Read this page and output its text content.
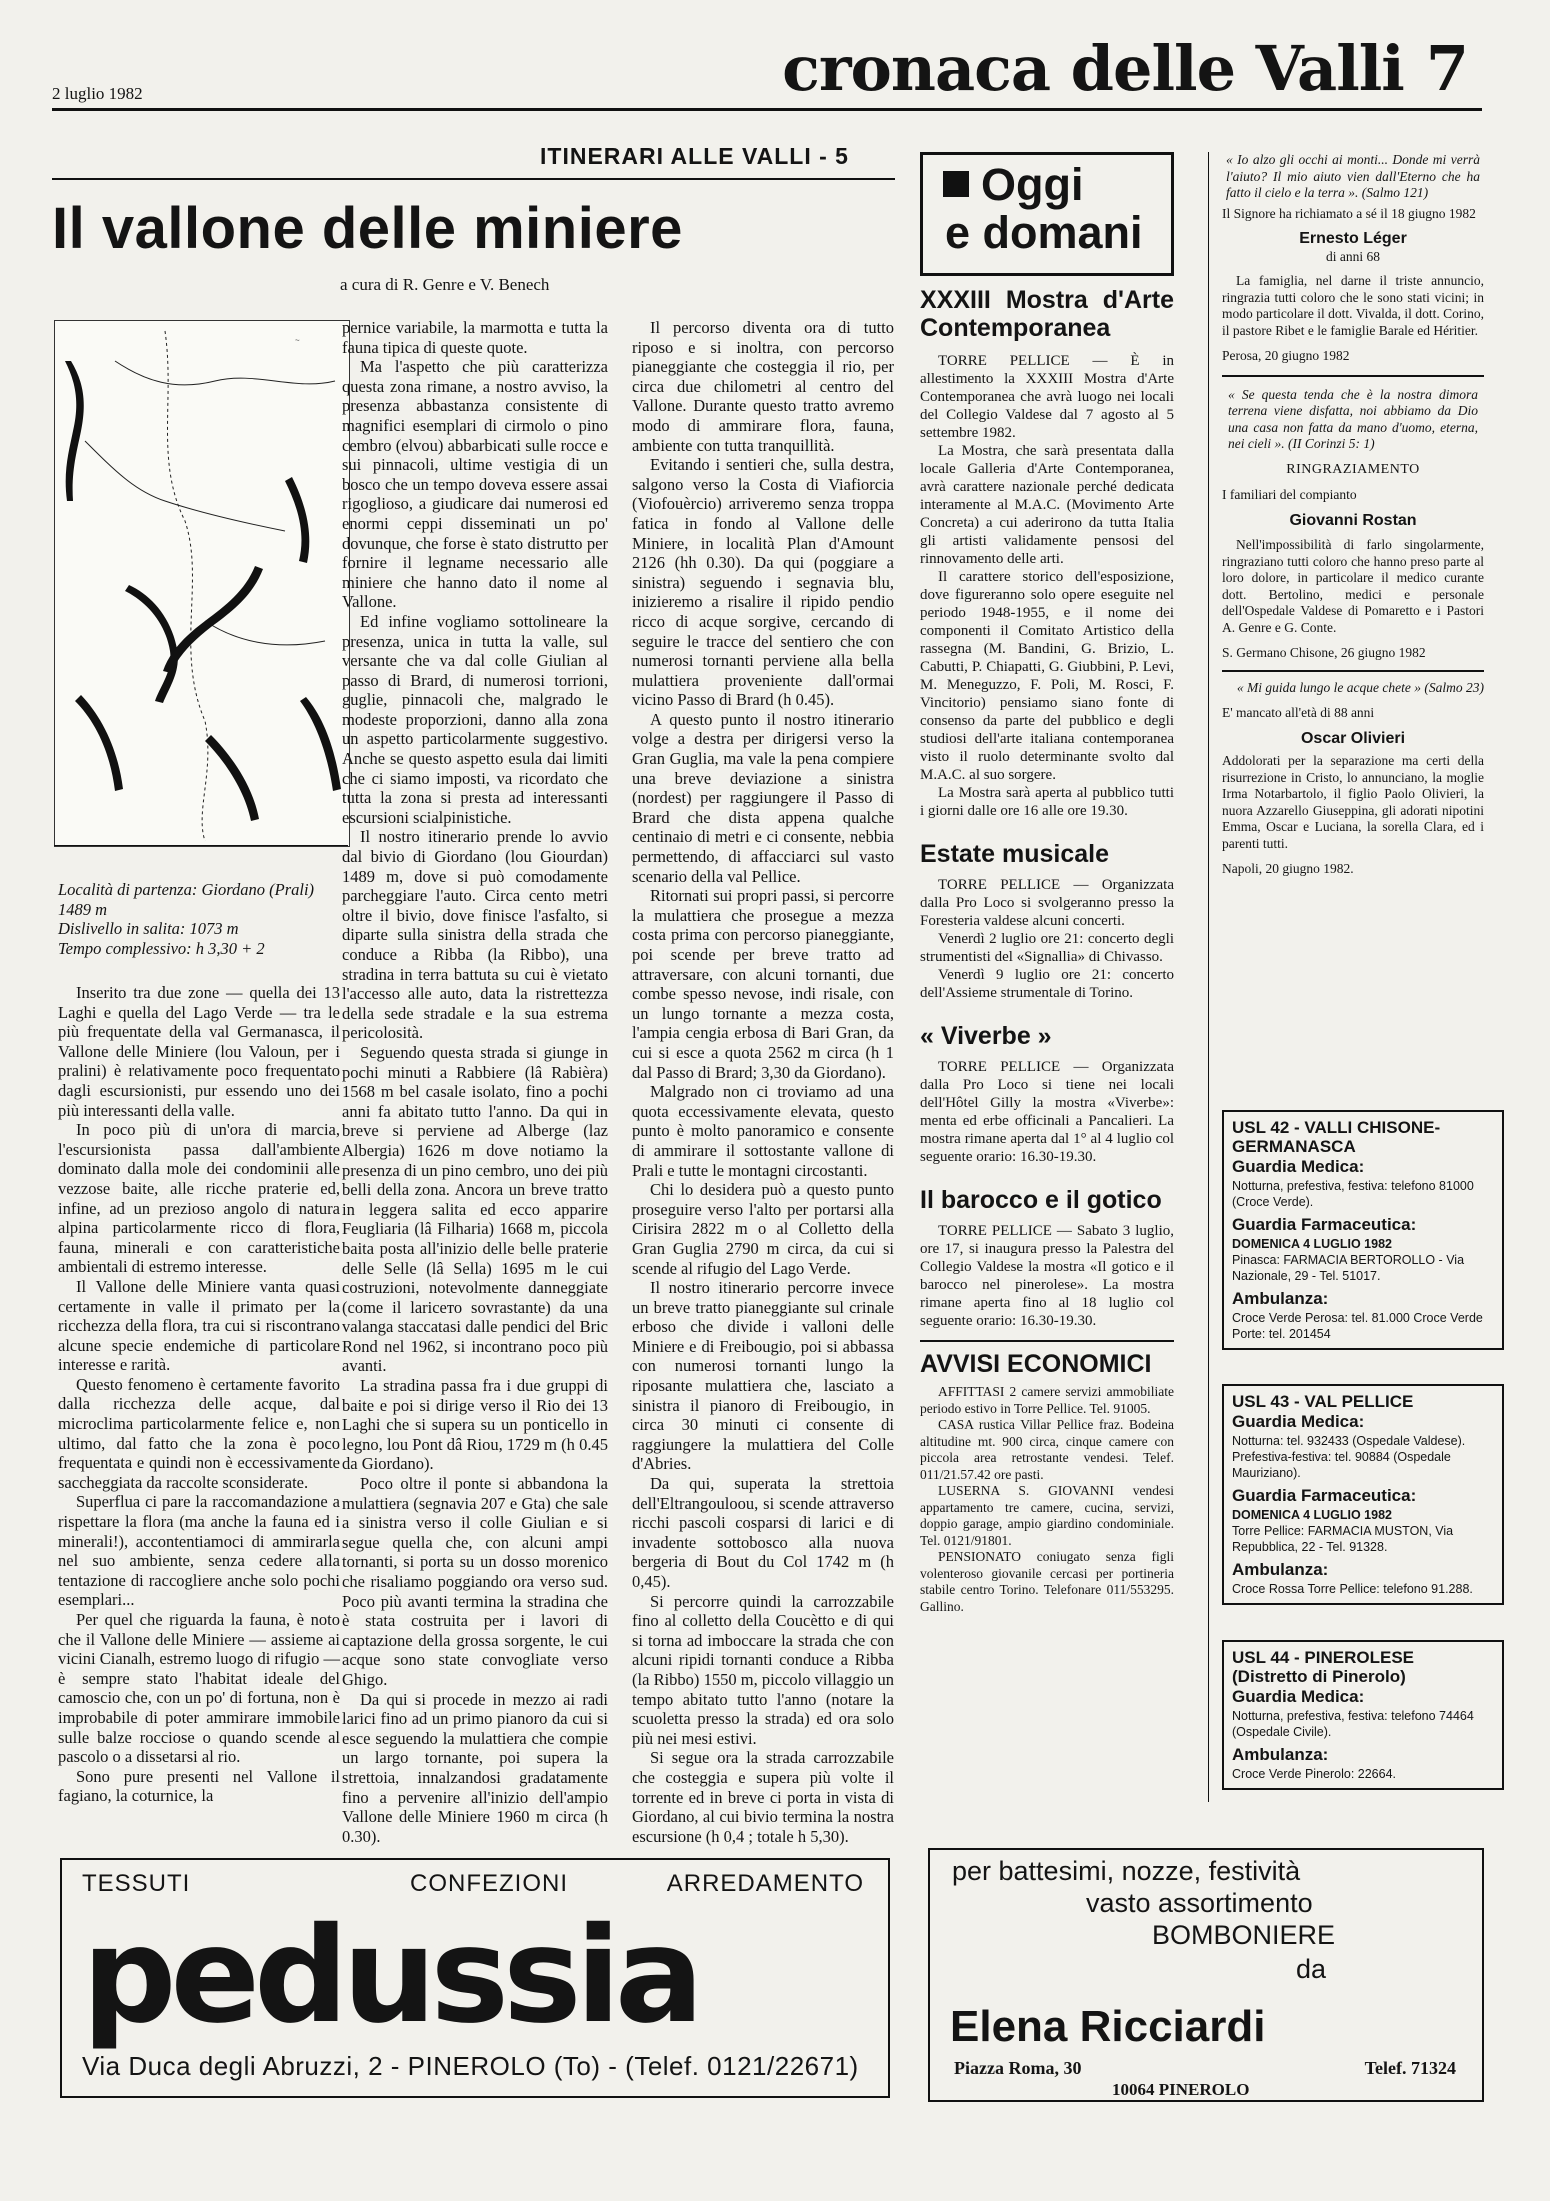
2 luglio 1982	cronaca delle Valli 7
ITINERARI ALLE VALLI - 5
Il vallone delle miniere
a cura di R. Genre e V. Benech
~
Località di partenza: Giordano (Prali) 1489 m
Dislivello in salita: 1073 m
Tempo complessivo: h 3,30 + 2

Inserito tra due zone — quella dei 13 Laghi e quella del Lago Verde — tra le più frequentate della val Germanasca, il Vallone delle Miniere (lou Valoun, per i pralini) è relativamente poco frequentato dagli escursionisti, pur essendo uno dei più interessanti della valle.

In poco più di un'ora di marcia, l'escursionista passa dall'ambiente dominato dalla mole dei condominii alle vezzose baite, alle ricche praterie ed, infine, ad un prezioso angolo di natura alpina particolarmente ricco di flora, fauna, minerali e con caratteristiche ambientali di estremo interesse.

Il Vallone delle Miniere vanta quasi certamente in valle il primato per la ricchezza della flora, tra cui si riscontrano alcune specie endemiche di particolare interesse e rarità.

Questo fenomeno è certamente favorito dalla ricchezza delle acque, dal microclima particolarmente felice e, non ultimo, dal fatto che la zona è poco frequentata e quindi non è eccessivamente saccheggiata da raccolte sconsiderate.

Superflua ci pare la raccomandazione a rispettare la flora (ma anche la fauna ed i minerali!), accontentiamoci di ammirarla nel suo ambiente, senza cedere alla tentazione di raccogliere anche solo pochi esemplari...

Per quel che riguarda la fauna, è noto che il Vallone delle Miniere — assieme ai vicini Cianalh, estremo luogo di rifugio — è sempre stato l'habitat ideale del camoscio che, con un po' di fortuna, non è improbabile di poter ammirare immobile sulle balze rocciose o quando scende al pascolo o a dissetarsi al rio.

Sono pure presenti nel Vallone il fagiano, la coturnice, la

pernice variabile, la marmotta e tutta la fauna tipica di queste quote.

Ma l'aspetto che più caratterizza questa zona rimane, a nostro avviso, la presenza abbastanza consistente di magnifici esemplari di cirmolo o pino cembro (elvou) abbarbicati sulle rocce e sui pinnacoli, ultime vestigia di un bosco che un tempo doveva essere assai rigoglioso, a giudicare dai numerosi ed enormi ceppi disseminati un po' dovunque, che forse è stato distrutto per fornire il legname necessario alle miniere che hanno dato il nome al Vallone.

Ed infine vogliamo sottolineare la presenza, unica in tutta la valle, sul versante che va dal colle Giulian al passo di Brard, di numerosi torrioni, guglie, pinnacoli che, malgrado le modeste proporzioni, danno alla zona un aspetto particolarmente suggestivo. Anche se questo aspetto esula dai limiti che ci siamo imposti, va ricordato che tutta la zona si presta ad interessanti escursioni scialpinistiche.

Il nostro itinerario prende lo avvio dal bivio di Giordano (lou Giourdan) 1489 m, dove si può comodamente parcheggiare l'auto. Circa cento metri oltre il bivio, dove finisce l'asfalto, si diparte sulla sinistra della strada che conduce a Ribba (la Ribbo), una stradina in terra battuta su cui è vietato l'accesso alle auto, data la ristrettezza della sede stradale e la sua estrema pericolosità.

Seguendo questa strada si giunge in pochi minuti a Rabbiere (lâ Rabièra) 1568 m bel casale isolato, fino a pochi anni fa abitato tutto l'anno. Da qui in breve si perviene ad Alberge (laz Albergia) 1626 m dove notiamo la presenza di un pino cembro, uno dei più belli della zona. Ancora un breve tratto in leggera salita ed ecco apparire Feugliaria (lâ Filharia) 1668 m, piccola baita posta all'inizio delle belle praterie delle Selle (lâ Sella) 1695 m le cui costruzioni, notevolmente danneggiate (come il laricето sovrastante) da una valanga staccatasi dalle pendici del Bric Rond nel 1962, si incontrano poco più avanti.

La stradina passa fra i due gruppi di baite e poi si dirige verso il Rio dei 13 Laghi che si supera su un ponticello in legno, lou Pont dâ Riou, 1729 m (h 0.45 da Giordano).

Poco oltre il ponte si abbandona la mulattiera (segnavia 207 e Gta) che sale a sinistra verso il colle Giulian e si segue quella che, con alcuni ampi tornanti, si porta su un dosso morenico che risaliamo poggiando ora verso sud. Poco più avanti termina la stradina che è stata costruita per i lavori di captazione della grossa sorgente, le cui acque sono state convogliate verso Ghigo.

Da qui si procede in mezzo ai radi larici fino ad un primo pianoro da cui si esce seguendo la mulattiera che compie un largo tornante, poi supera la strettoia, innalzandosi gradatamente fino a pervenire all'inizio dell'ampio Vallone delle Miniere 1960 m circa (h 0.30).

Il percorso diventa ora di tutto riposo e si inoltra, con percorso pianeggiante che costeggia il rio, per circa due chilometri al centro del Vallone. Durante questo tratto avremo modo di ammirare flora, fauna, ambiente con tutta tranquillità.

Evitando i sentieri che, sulla destra, salgono verso la Costa di Viafiorcia (Viofouèrcio) arriveremo senza troppa fatica in fondo al Vallone delle Miniere, in località Plan d'Amount 2126 (hh 0.30). Da qui (poggiare a sinistra) seguendo i segnavia blu, inizieremo a risalire il ripido pendio ricco di acque sorgive, cercando di seguire le tracce del sentiero che con numerosi tornanti perviene alla bella mulattiera proveniente dall'ormai vicino Passo di Brard (h 0.45).

A questo punto il nostro itinerario volge a destra per dirigersi verso la Gran Guglia, ma vale la pena compiere una breve deviazione a sinistra (nordest) per raggiungere il Passo di Brard che dista appena qualche centinaio di metri e ci consente, nebbia permettendo, di affacciarci sul vasto scenario della val Pellice.

Ritornati sui propri passi, si percorre la mulattiera che prosegue a mezza costa prima con percorso pianeggiante, poi scende per breve tratto ad attraversare, con alcuni tornanti, due combe spesso nevose, indi risale, con un lungo tornante a mezza costa, l'ampia cengia erbosa di Bari Gran, da cui si esce a quota 2562 m circa (h 1 dal Passo di Brard; 3,30 da Giordano).

Malgrado non ci troviamo ad una quota eccessivamente elevata, questo punto è molto panoramico e consente di ammirare il sottostante vallone di Prali e tutte le montagni circostanti.

Chi lo desidera può a questo punto proseguire verso l'alto per portarsi alla Cirisira 2822 m o al Colletto della Gran Guglia 2790 m circa, da cui si scende al rifugio del Lago Verde.

Il nostro itinerario percorre invece un breve tratto pianeggiante sul crinale erboso che divide i valloni delle Miniere e di Freibougio, poi si abbassa con numerosi tornanti lungo la riposante mulattiera che, lasciato a sinistra il pianoro di Freibougio, in circa 30 minuti ci consente di raggiungere la mulattiera del Colle d'Abries.

Da qui, superata la strettoia dell'Eltrangouloou, si scende attraverso ricchi pascoli cosparsi di larici e di invadente sottobosco alla nuova bergeria di Bout du Col 1742 m (h 0,45).

Si percorre quindi la carrozzabile fino al colletto della Coucètto e di qui si torna ad imboccare la strada che con alcuni ripidi tornanti conduce a Ribba (la Ribbo) 1550 m, piccolo villaggio un tempo abitato tutto l'anno (notare la scuoletta presso la strada) ed ora solo più nei mesi estivi.

Si segue ora la strada carrozzabile che costeggia e supera più volte il torrente ed in breve ci porta in vista di Giordano, al cui bivio termina la nostra escursione (h 0,4 ; totale h 5,30).

Oggi
e domani
XXXIII Mostra d'Arte Contemporanea

TORRE PELLICE — È in allestimento la XXXIII Mostra d'Arte Contemporanea che avrà luogo nei locali del Collegio Valdese dal 7 agosto al 5 settembre 1982.

La Mostra, che sarà presentata dalla locale Galleria d'Arte Contemporanea, avrà carattere nazionale perché dedicata interamente al M.A.C. (Movimento Arte Concreta) a cui aderirono da tutta Italia gli artisti validamente pensosi del rinnovamento delle arti.

Il carattere storico dell'esposizione, dove figureranno solo opere eseguite nel periodo 1948-1955, e il nome dei componenti il Comitato Artistico della rassegna (M. Bandini, G. Brizio, L. Cabutti, P. Chiapatti, G. Giubbini, P. Levi, M. Meneguzzo, F. Poli, M. Rosci, F. Vincitorio) pensiamo siano fonte di consenso da parte del pubblico e degli studiosi dell'arte italiana contemporanea visto il ruolo determinante svolto dal M.A.C. al suo sorgere.

La Mostra sarà aperta al pubblico tutti i giorni dalle ore 16 alle ore 19.30.

Estate musicale

TORRE PELLICE — Organizzata dalla Pro Loco si svolgeranno presso la Foresteria valdese alcuni concerti.

Venerdì 2 luglio ore 21: concerto degli strumentisti del «Signallia» di Chivasso.

Venerdì 9 luglio ore 21: concerto dell'Assieme strumentale di Torino.

« Viverbe »

TORRE PELLICE — Organizzata dalla Pro Loco si tiene nei locali dell'Hôtel Gilly la mostra «Viverbe»: menta ed erbe officinali a Pancalieri. La mostra rimane aperta dal 1° al 4 luglio col seguente orario: 16.30-19.30.

Il barocco e il gotico

TORRE PELLICE — Sabato 3 luglio, ore 17, si inaugura presso la Palestra del Collegio Valdese la mostra «Il gotico e il barocco nel pinerolese». La mostra rimane aperta fino al 18 luglio col seguente orario: 16.30-19.30.

AVVISI ECONOMICI

AFFITTASI 2 camere servizi ammobiliate periodo estivo in Torre Pellice. Tel. 91005.

CASA rustica Villar Pellice fraz. Bodeina altitudine mt. 900 circa, cinque camere con piccola area retrostante vendesi. Telef. 011/21.57.42 ore pasti.

LUSERNA S. GIOVANNI vendesi appartamento tre camere, cucina, servizi, doppio garage, ampio giardino condominiale. Tel. 0121/91801.

PENSIONATO coniugato senza figli volenteroso giovanile cercasi per portineria stabile centro Torino. Telefonare 011/553295. Gallino.

« Io alzo gli occhi ai monti... Donde mi verrà l'aiuto? Il mio aiuto vien dall'Eterno che ha fatto il cielo e la terra ». (Salmo 121)
Il Signore ha richiamato a sé il 18 giugno 1982
Ernesto Léger
di anni 68
La famiglia, nel darne il triste annuncio, ringrazia tutti coloro che le sono stati vicini; in modo particolare il dott. Vivalda, il dott. Corino, il pastore Ribet e le famiglie Barale ed Héritier.
Perosa, 20 giugno 1982
« Se questa tenda che è la nostra dimora terrena viene disfatta, noi abbiamo da Dio una casa non fatta da mano d'uomo, eterna, nei cieli ». (II Corinzi 5: 1)
RINGRAZIAMENTO
I familiari del compianto
Giovanni Rostan
Nell'impossibilità di farlo singolarmente, ringraziano tutti coloro che hanno preso parte al loro dolore, in particolare il medico curante dott. Bertolino, medici e personale dell'Ospedale Valdese di Pomaretto e i Pastori A. Genre e G. Conte.
S. Germano Chisone, 26 giugno 1982
« Mi guida lungo le acque chete » (Salmo 23)
E' mancato all'età di 88 anni
Oscar Olivieri
Addolorati per la separazione ma certi della risurrezione in Cristo, lo annunciano, la moglie Irma Notarbartolo, il figlio Paolo Olivieri, la nuora Azzarello Giuseppina, gli adorati nipotini Emma, Oscar e Luciana, la sorella Clara, ed i parenti tutti.
Napoli, 20 giugno 1982.
USL 42 - VALLI CHISONE-GERMANASCA
Guardia Medica:
Notturna, prefestiva, festiva: telefono 81000 (Croce Verde).
Guardia Farmaceutica:
DOMENICA 4 LUGLIO 1982
Pinasca: FARMACIA BERTOROLLO - Via Nazionale, 29 - Tel. 51017.
Ambulanza:
Croce Verde Perosa: tel. 81.000 Croce Verde Porte: tel. 201454
USL 43 - VAL PELLICE
Guardia Medica:
Notturna: tel. 932433 (Ospedale Valdese). Prefestiva-festiva: tel. 90884 (Ospedale Mauriziano).
Guardia Farmaceutica:
DOMENICA 4 LUGLIO 1982
Torre Pellice: FARMACIA MUSTON, Via Repubblica, 22 - Tel. 91328.
Ambulanza:
Croce Rossa Torre Pellice: telefono 91.288.
USL 44 - PINEROLESE (Distretto di Pinerolo)
Guardia Medica:
Notturna, prefestiva, festiva: telefono 74464 (Ospedale Civile).
Ambulanza:
Croce Verde Pinerolo: 22664.
TESSUTI	CONFEZIONI	ARREDAMENTO
pedussia
Via Duca degli Abruzzi, 2 - PINEROLO (To) - (Telef. 0121/22671)
per battesimi, nozze, festività
vasto assortimento
BOMBONIERE
da
Elena Ricciardi
Piazza Roma, 30	Telef. 71324
10064 PINEROLO
